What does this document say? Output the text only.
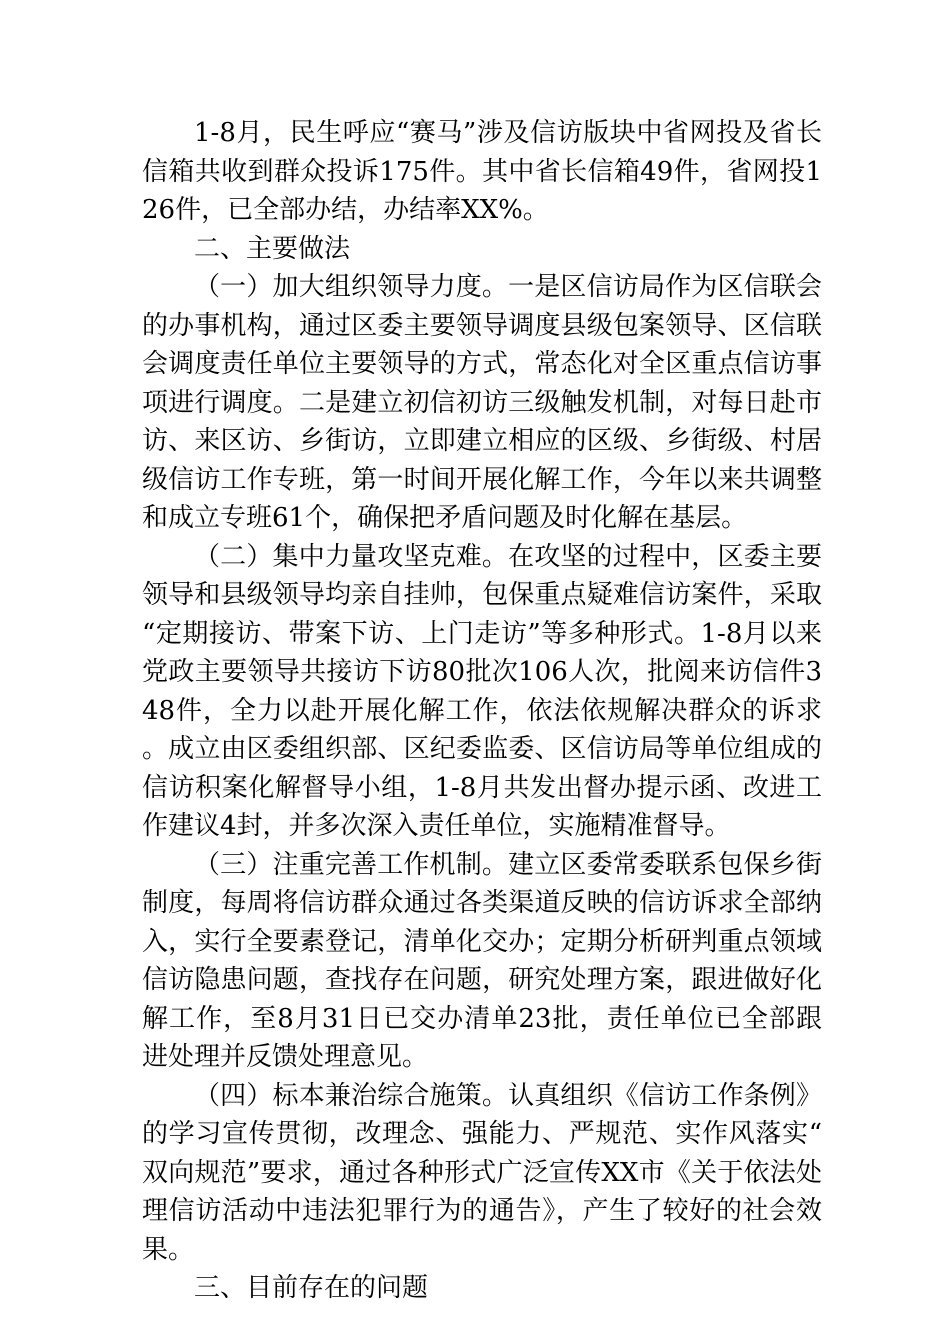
1-8月，民生呼应“赛马”涉及信访版块中省网投及省长信箱共收到群众投诉175件。其中省长信箱49件，省网投126件，已全部办结，办结率XX%。

二、主要做法

（一）加大组织领导力度。一是区信访局作为区信联会的办事机构，通过区委主要领导调度县级包案领导、区信联会调度责任单位主要领导的方式，常态化对全区重点信访事项进行调度。二是建立初信初访三级触发机制，对每日赴市访、来区访、乡街访，立即建立相应的区级、乡街级、村居级信访工作专班，第一时间开展化解工作，今年以来共调整和成立专班61个，确保把矛盾问题及时化解在基层。

（二）集中力量攻坚克难。在攻坚的过程中，区委主要领导和县级领导均亲自挂帅，包保重点疑难信访案件，采取“定期接访、带案下访、上门走访”等多种形式。1-8月以来党政主要领导共接访下访80批次106人次，批阅来访信件348件，全力以赴开展化解工作，依法依规解决群众的诉求。成立由区委组织部、区纪委监委、区信访局等单位组成的信访积案化解督导小组，1-8月共发出督办提示函、改进工作建议4封，并多次深入责任单位，实施精准督导。

（三）注重完善工作机制。建立区委常委联系包保乡街制度，每周将信访群众通过各类渠道反映的信访诉求全部纳入，实行全要素登记，清单化交办；定期分析研判重点领域信访隐患问题，查找存在问题，研究处理方案，跟进做好化解工作，至8月31日已交办清单23批，责任单位已全部跟进处理并反馈处理意见。

（四）标本兼治综合施策。认真组织《信访工作条例》的学习宣传贯彻，改理念、强能力、严规范、实作风落实“双向规范”要求，通过各种形式广泛宣传XX市《关于依法处理信访活动中违法犯罪行为的通告》，产生了较好的社会效果。

三、目前存在的问题
